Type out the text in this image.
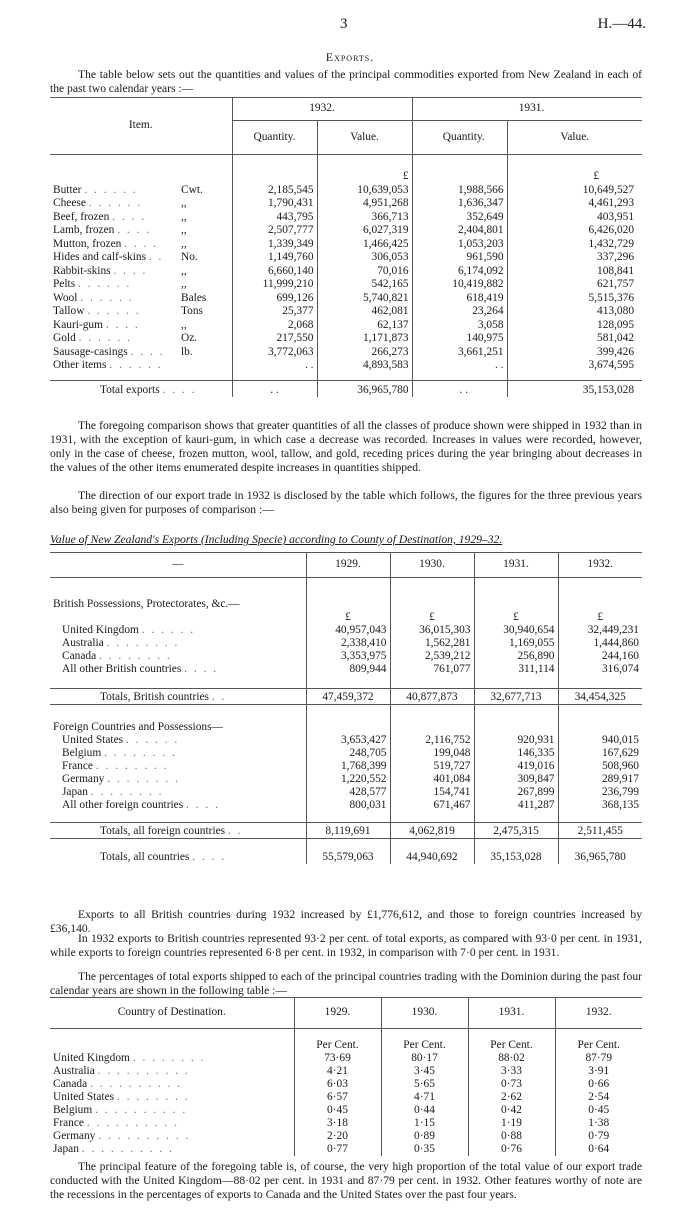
3	H.—44.
Exports.

The table below sets out the quantities and values of the principal commodities exported from New Zealand in each of the past two calendar years :—

Item.		1932.			1931.	
		Quantity.	Value.		Quantity.	Value.
			£			£
Butter . . . . . .	Cwt.	2,185,545	10,639,053		1,988,566	10,649,527
Cheese . . . . . .	,,	1,790,431	4,951,268		1,636,347	4,461,293
Beef, frozen . . . .	,,	443,795	366,713		352,649	403,951
Lamb, frozen . . . .	,,	2,507,777	6,027,319		2,404,801	6,426,020
Mutton, frozen . . . .	,,	1,339,349	1,466,425		1,053,203	1,432,729
Hides and calf-skins . .	No.	1,149,760	306,053		961,590	337,296
Rabbit-skins . . . .	,,	6,660,140	70,016		6,174,092	108,841
Pelts . . . . . .	,,	11,999,210	542,165		10,419,882	621,757
Wool . . . . . .	Bales	699,126	5,740,821		618,419	5,515,376
Tallow . . . . . .	Tons	25,377	462,081		23,264	413,080
Kauri-gum . . . .	,,	2,068	62,137		3,058	128,095
Gold . . . . . .	Oz.	217,550	1,171,873		140,975	581,042
Sausage-casings . . . .	lb.	3,772,063	266,273		3,661,251	399,426
Other items . . . . . .		. .	4,893,583		. .	3,674,595

Total exports . . . .		. .	36,965,780		. .	35,153,028

The foregoing comparison shows that greater quantities of all the classes of produce shown were shipped in 1932 than in 1931, with the exception of kauri-gum, in which case a decrease was recorded. Increases in values were recorded, however, only in the case of cheese, frozen mutton, wool, tallow, and gold, receding prices during the year bringing about decreases in the values of the other items enumerated despite increases in quantities shipped.

The direction of our export trade in 1932 is disclosed by the table which follows, the figures for the three previous years also being given for purposes of comparison :—

Value of New Zealand's Exports (Including Specie) according to County of Destination, 1929–32.
—	1929.	1930.	1931.	1932.

British Possessions, Protectorates, &c.—				
	£	£	£	£
United Kingdom . . . . . .	40,957,043	36,015,303	30,940,654	32,449,231
Australia . . . . . . . .	2,338,410	1,562,281	1,169,055	1,444,860
Canada . . . . . . . .	3,353,975	2,539,212	256,890	244,160
All other British countries . . . .	809,944	761,077	311,114	316,074

Totals, British countries . .	47,459,372	40,877,873	32,677,713	34,454,325

Foreign Countries and Possessions—				
United States . . . . . .	3,653,427	2,116,752	920,931	940,015
Belgium . . . . . . . .	248,705	199,048	146,335	167,629
France . . . . . . . .	1,768,399	519,727	419,016	508,960
Germany . . . . . . . .	1,220,552	401,084	309,847	289,917
Japan . . . . . . . .	428,577	154,741	267,899	236,799
All other foreign countries . . . .	800,031	671,467	411,287	368,135

Totals, all foreign countries . .	8,119,691	4,062,819	2,475,315	2,511,455

Totals, all countries . . . .	55,579,063	44,940,692	35,153,028	36,965,780

Exports to all British countries during 1932 increased by £1,776,612, and those to foreign countries increased by £36,140.

In 1932 exports to British countries represented 93·2 per cent. of total exports, as compared with 93·0 per cent. in 1931, while exports to foreign countries represented 6·8 per cent. in 1932, in comparison with 7·0 per cent. in 1931.

The percentages of total exports shipped to each of the principal countries trading with the Dominion during the past four calendar years are shown in the following table :—

Country of Destination.	1929.	1930.	1931.	1932.
	Per Cent.	Per Cent.	Per Cent.	Per Cent.
United Kingdom . . . . . . . .	73·69	80·17	88·02	87·79
Australia . . . . . . . . . .	4·21	3·45	3·33	3·91
Canada . . . . . . . . . .	6·03	5·65	0·73	0·66
United States . . . . . . . .	6·57	4·71	2·62	2·54
Belgium . . . . . . . . . .	0·45	0·44	0·42	0·45
France . . . . . . . . . .	3·18	1·15	1·19	1·38
Germany . . . . . . . . . .	2·20	0·89	0·88	0·79
Japan . . . . . . . . . .	0·77	0·35	0·76	0·64

The principal feature of the foregoing table is, of course, the very high proportion of the total value of our export trade conducted with the United Kingdom—88·02 per cent. in 1931 and 87·79 per cent. in 1932. Other features worthy of note are the recessions in the percentages of exports to Canada and the United States over the past four years.
